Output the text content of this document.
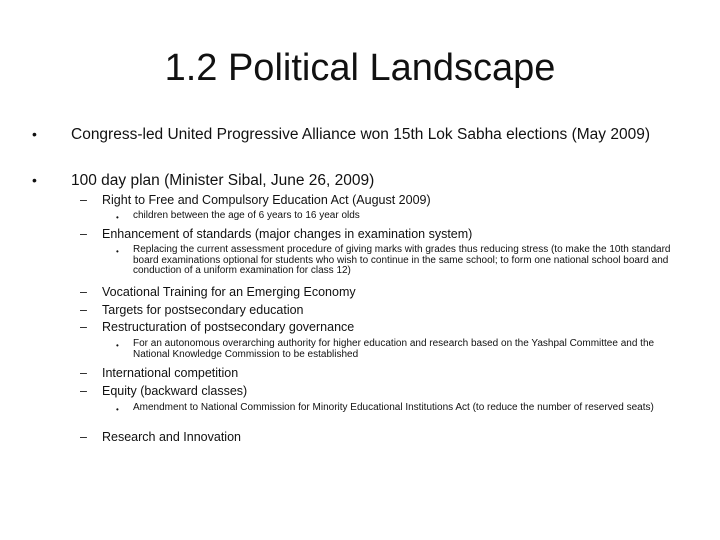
1.2 Political Landscape
• Congress-led United Progressive Alliance won 15th Lok Sabha elections (May 2009)
• 100 day plan (Minister Sibal, June 26, 2009)
– Right to Free and Compulsory Education Act (August 2009)
• children between the age of 6 years to 16 year olds
– Enhancement of standards (major changes in examination system)
• Replacing the current assessment procedure of giving marks with grades thus reducing stress (to make the 10th standard board examinations optional for students who wish to continue in the same school; to form one national school board and conduction of a uniform examination for class 12)
– Vocational Training for an Emerging Economy
– Targets for postsecondary education
– Restructuration of postsecondary governance
• For an autonomous overarching authority for higher education and research based on the Yashpal Committee and the National Knowledge Commission to be established
– International competition
– Equity (backward classes)
• Amendment to National Commission for Minority Educational Institutions Act (to reduce the number of reserved seats)
– Research and Innovation
